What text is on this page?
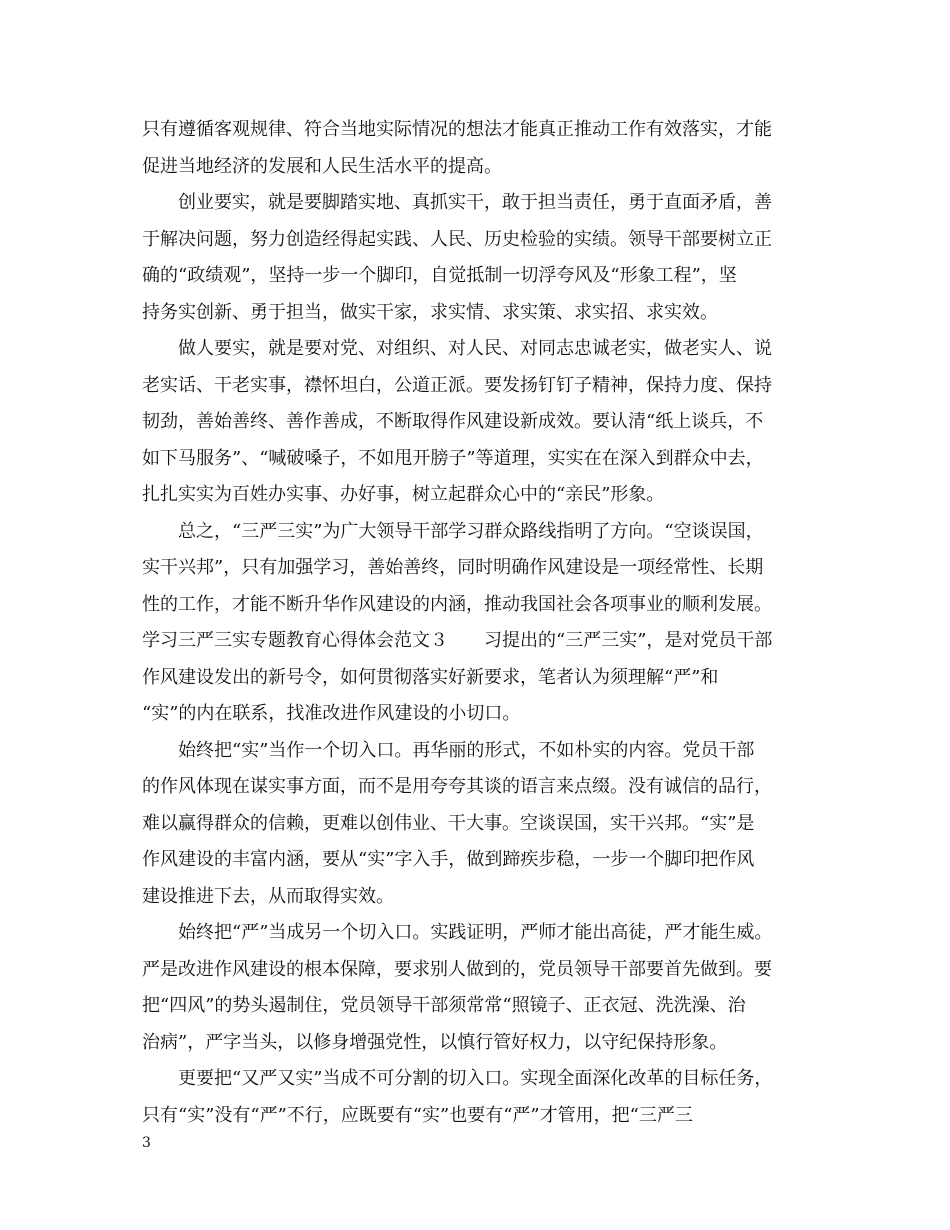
只有遵循客观规律、符合当地实际情况的想法才能真正推动工作有效落实，才能
促进当地经济的发展和人民生活水平的提高。
　　创业要实，就是要脚踏实地、真抓实干，敢于担当责任，勇于直面矛盾，善
于解决问题，努力创造经得起实践、人民、历史检验的实绩。领导干部要树立正
确的“政绩观”，坚持一步一个脚印，自觉抵制一切浮夸风及“形象工程”，坚
持务实创新、勇于担当，做实干家，求实情、求实策、求实招、求实效。
　　做人要实，就是要对党、对组织、对人民、对同志忠诚老实，做老实人、说
老实话、干老实事，襟怀坦白，公道正派。要发扬钉钉子精神，保持力度、保持
韧劲，善始善终、善作善成，不断取得作风建设新成效。要认清“纸上谈兵，不
如下马服务”、“喊破嗓子，不如甩开膀子”等道理，实实在在深入到群众中去，
扎扎实实为百姓办实事、办好事，树立起群众心中的“亲民”形象。
　　总之，“三严三实”为广大领导干部学习群众路线指明了方向。“空谈误国，
实干兴邦”，只有加强学习，善始善终，同时明确作风建设是一项经常性、长期
性的工作，才能不断升华作风建设的内涵，推动我国社会各项事业的顺利发展。
学习三严三实专题教育心得体会范文３　　习提出的“三严三实”，是对党员干部
作风建设发出的新号令，如何贯彻落实好新要求，笔者认为须理解“严”和
“实”的内在联系，找准改进作风建设的小切口。
　　始终把“实”当作一个切入口。再华丽的形式，不如朴实的内容。党员干部
的作风体现在谋实事方面，而不是用夸夸其谈的语言来点缀。没有诚信的品行，
难以赢得群众的信赖，更难以创伟业、干大事。空谈误国，实干兴邦。“实”是
作风建设的丰富内涵，要从“实”字入手，做到蹄疾步稳，一步一个脚印把作风
建设推进下去，从而取得实效。
　　始终把“严”当成另一个切入口。实践证明，严师才能出高徒，严才能生威。
严是改进作风建设的根本保障，要求别人做到的，党员领导干部要首先做到。要
把“四风”的势头遏制住，党员领导干部须常常“照镜子、正衣冠、洗洗澡、治
治病”，严字当头，以修身增强党性，以慎行管好权力，以守纪保持形象。
　　更要把“又严又实”当成不可分割的切入口。实现全面深化改革的目标任务，
只有“实”没有“严”不行，应既要有“实”也要有“严”才管用，把“三严三
3
